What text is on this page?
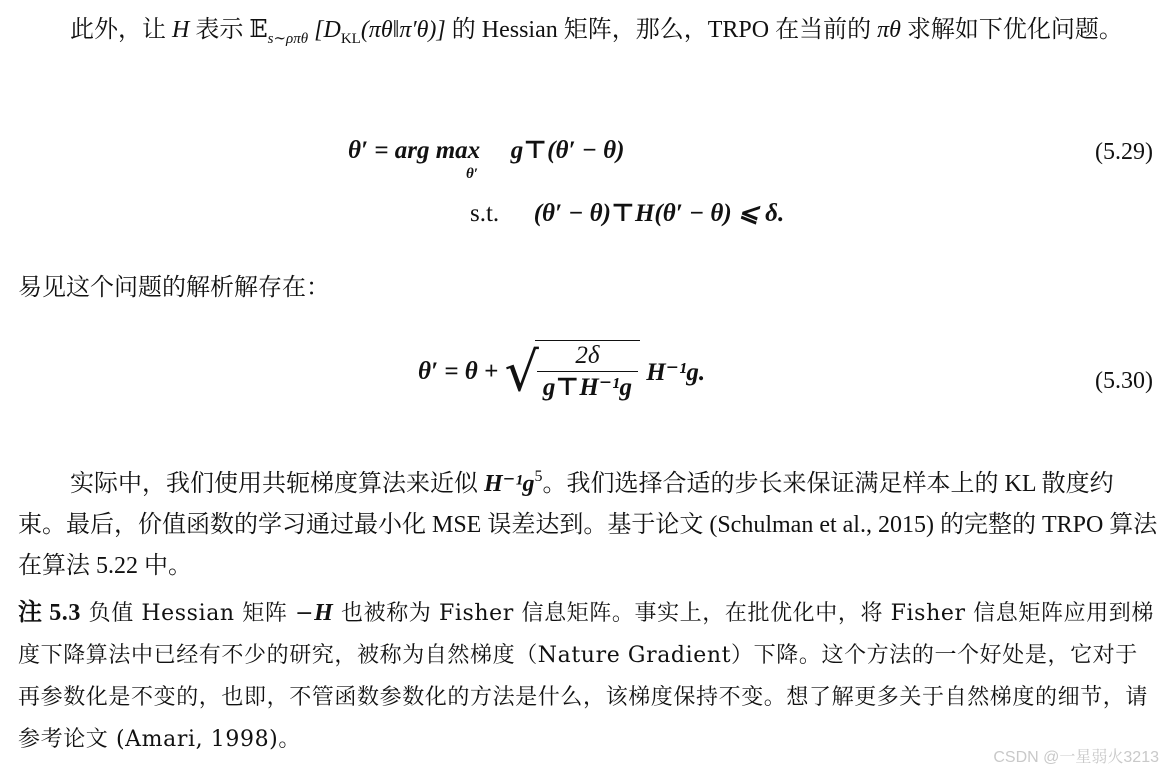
此外，让 H 表示 𝔼$_{s\sim\rho\pi\theta}$ $[D_{KL}(\pi\theta‖\pi'\theta)]$ 的 Hessian 矩阵，那么，TRPO 在当前的 πθ 求解如下优化问题。

θ′ = arg max g⊤(θ′ − θ)
θ′
s.t. (θ′ − θ)⊤H(θ′ − θ) ⩽ δ.
(5.29)

易见这个问题的解析解存在：

θ′ = θ + √
$\frac{2\delta}{\text{g⊤H⁻¹g}} H^{-1}g$.	(5.30)

实际中，我们使用共轭梯度算法来近似 $H^{-1}g^5$。我们选择合适的步长来保证满足样本上的 KL 散度约束。最后，价值函数的学习通过最小化 MSE 误差达到。基于论文 (Schulman et al., 2015) 的完整的 TRPO 算法在算法 5.22 中。

注 5.3 负值 Hessian 矩阵 −H 也被称为 Fisher 信息矩阵。事实上，在批优化中，将 Fisher 信息矩阵应用到梯度下降算法中已经有不少的研究，被称为自然梯度（Nature Gradient）下降。这个方法的一个好处是，它对于再参数化是不变的，也即，不管函数参数化的方法是什么，该梯度保持不变。想了解更多关于自然梯度的细节，请参考论文 (Amari, 1998)。

CSDN @一星弱火3213
